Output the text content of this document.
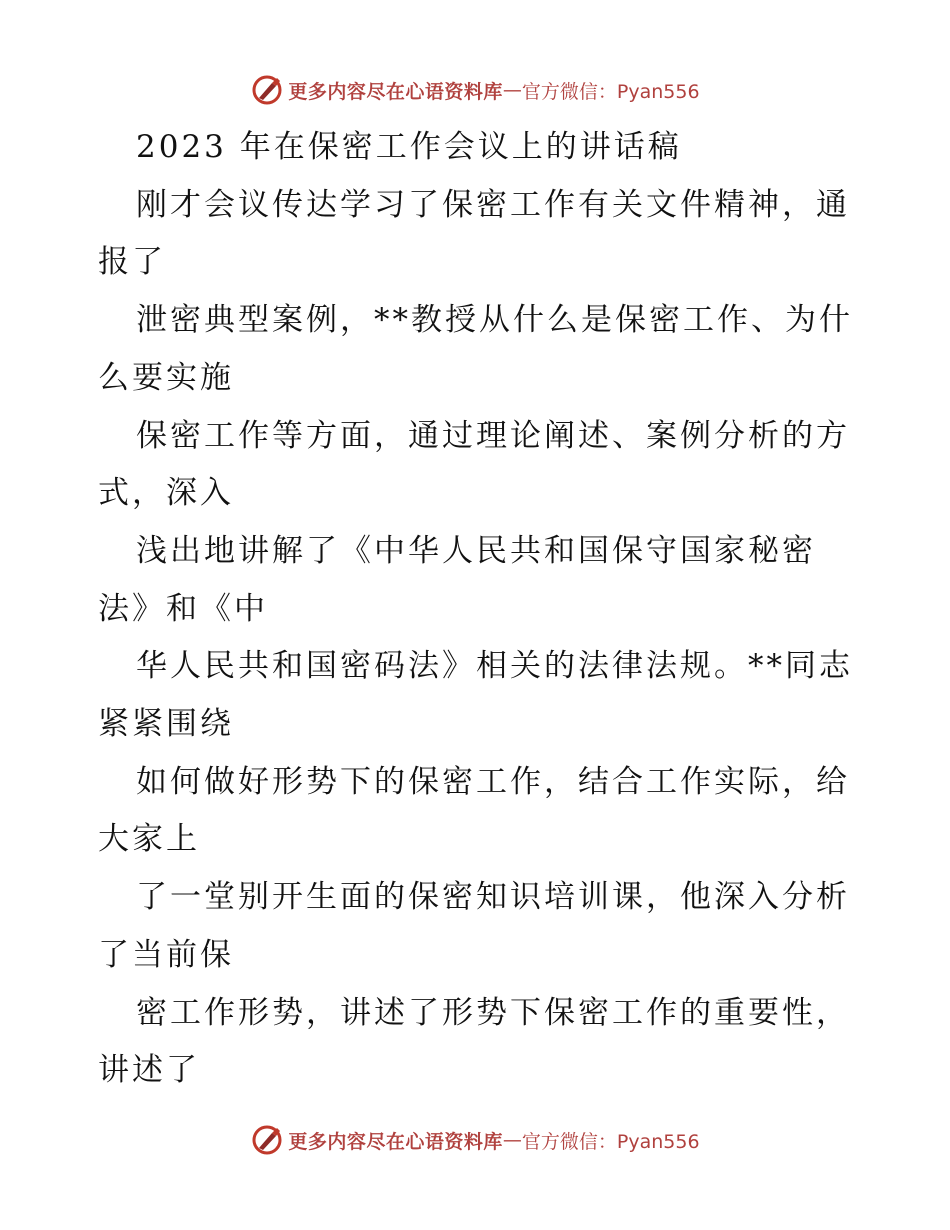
更多内容尽在心语资料库 — 官方微信：Pyan556
2023 年在保密工作会议上的讲话稿
刚才会议传达学习了保密工作有关文件精神，通
报了
泄密典型案例，**教授从什么是保密工作、为什
么要实施
保密工作等方面，通过理论阐述、案例分析的方
式，深入
浅出地讲解了《中华人民共和国保守国家秘密
法》和《中
华人民共和国密码法》相关的法律法规。**同志
紧紧围绕
如何做好形势下的保密工作，结合工作实际，给
大家上
了一堂别开生面的保密知识培训课，他深入分析
了当前保
密工作形势，讲述了形势下保密工作的重要性，
讲述了
更多内容尽在心语资料库 — 官方微信：Pyan556
